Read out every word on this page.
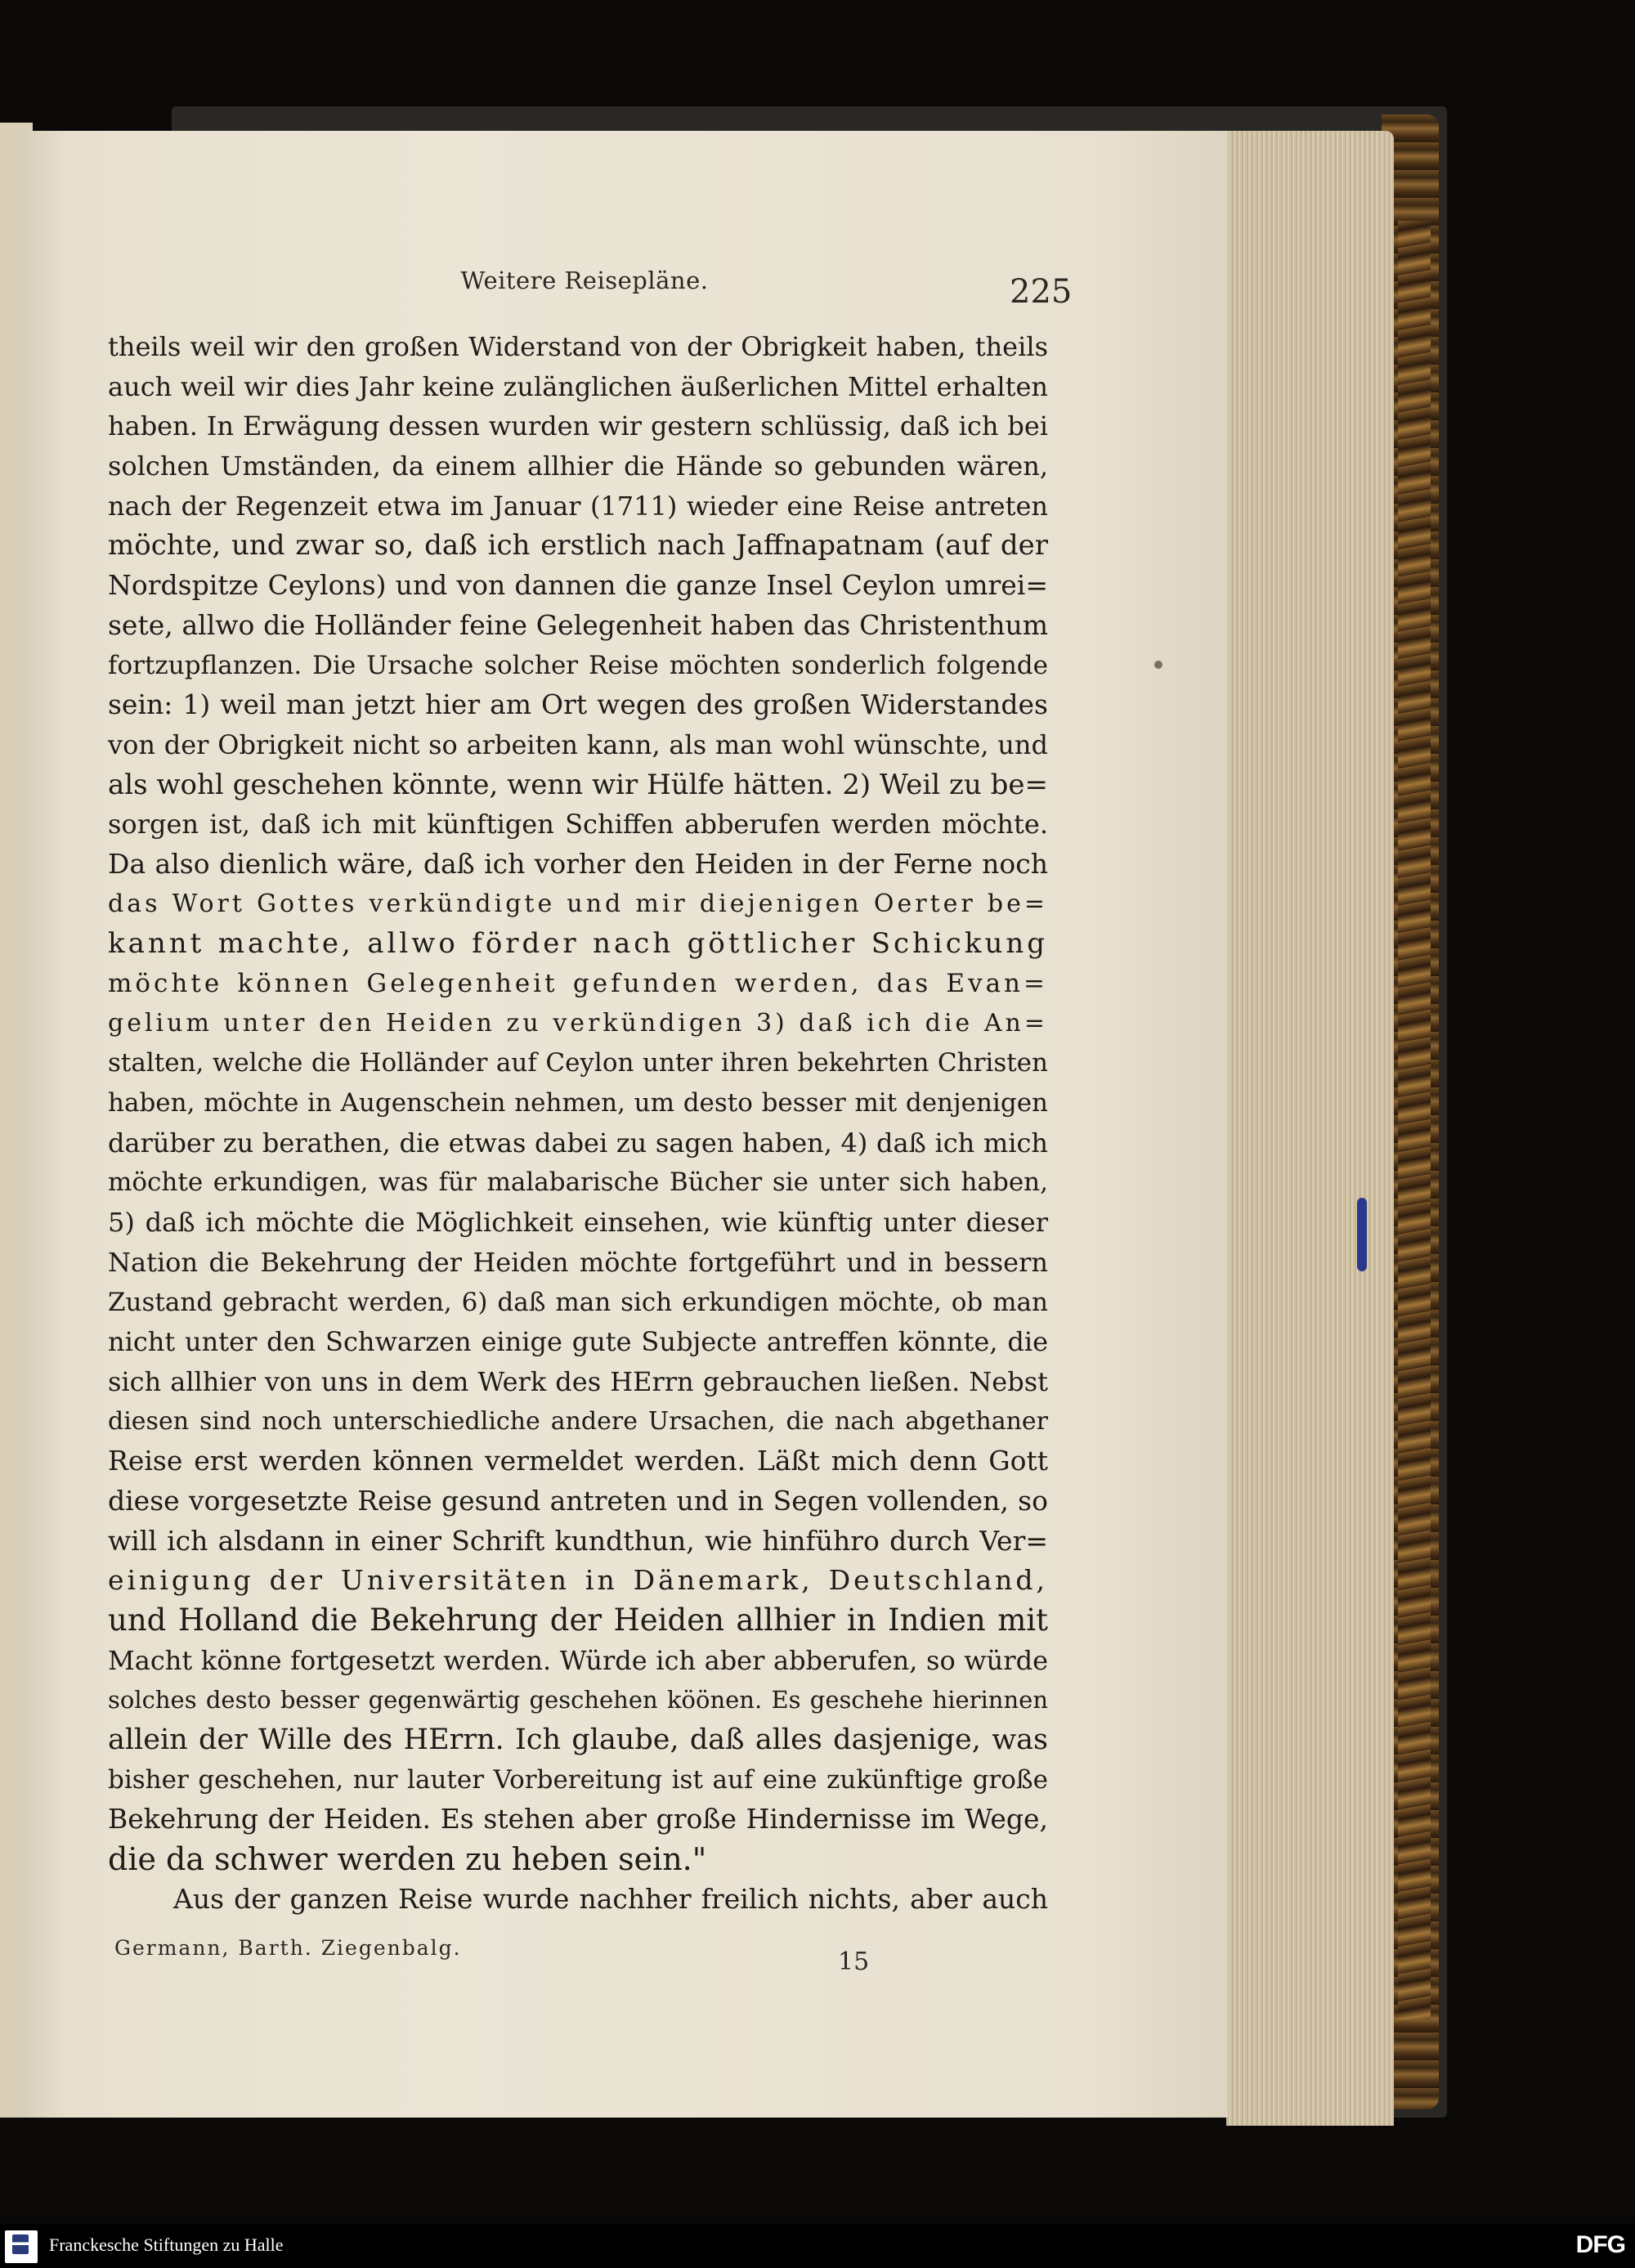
Weitere Reisepläne.	225
theils weil wir den großen Widerstand von der Obrigkeit haben, theils
auch weil wir dies Jahr keine zulänglichen äußerlichen Mittel erhalten
haben. In Erwägung dessen wurden wir gestern schlüssig, daß ich bei
solchen Umständen, da einem allhier die Hände so gebunden wären,
nach der Regenzeit etwa im Januar (1711) wieder eine Reise antreten
möchte, und zwar so, daß ich erstlich nach Jaffnapatnam (auf der
Nordspitze Ceylons) und von dannen die ganze Insel Ceylon umrei=
sete, allwo die Holländer feine Gelegenheit haben das Christenthum
fortzupflanzen. Die Ursache solcher Reise möchten sonderlich folgende
sein: 1) weil man jetzt hier am Ort wegen des großen Widerstandes
von der Obrigkeit nicht so arbeiten kann, als man wohl wünschte, und
als wohl geschehen könnte, wenn wir Hülfe hätten. 2) Weil zu be=
sorgen ist, daß ich mit künftigen Schiffen abberufen werden möchte.
Da also dienlich wäre, daß ich vorher den Heiden in der Ferne noch
das Wort Gottes verkündigte und mir diejenigen Oerter be=
kannt machte, allwo förder nach göttlicher Schickung
möchte können Gelegenheit gefunden werden, das Evan=
gelium unter den Heiden zu verkündigen 3) daß ich die An=
stalten, welche die Holländer auf Ceylon unter ihren bekehrten Christen
haben, möchte in Augenschein nehmen, um desto besser mit denjenigen
darüber zu berathen, die etwas dabei zu sagen haben, 4) daß ich mich
möchte erkundigen, was für malabarische Bücher sie unter sich haben,
5) daß ich möchte die Möglichkeit einsehen, wie künftig unter dieser
Nation die Bekehrung der Heiden möchte fortgeführt und in bessern
Zustand gebracht werden, 6) daß man sich erkundigen möchte, ob man
nicht unter den Schwarzen einige gute Subjecte antreffen könnte, die
sich allhier von uns in dem Werk des HErrn gebrauchen ließen. Nebst
diesen sind noch unterschiedliche andere Ursachen, die nach abgethaner
Reise erst werden können vermeldet werden. Läßt mich denn Gott
diese vorgesetzte Reise gesund antreten und in Segen vollenden, so
will ich alsdann in einer Schrift kundthun, wie hinführo durch Ver=
einigung der Universitäten in Dänemark, Deutschland,
und Holland die Bekehrung der Heiden allhier in Indien mit
Macht könne fortgesetzt werden. Würde ich aber abberufen, so würde
solches desto besser gegenwärtig geschehen köönen. Es geschehe hierinnen
allein der Wille des HErrn. Ich glaube, daß alles dasjenige, was
bisher geschehen, nur lauter Vorbereitung ist auf eine zukünftige große
Bekehrung der Heiden. Es stehen aber große Hindernisse im Wege,
die da schwer werden zu heben sein."
Aus der ganzen Reise wurde nachher freilich nichts, aber auch
Germann, Barth. Ziegenbalg.	15
Franckesche Stiftungen zu Halle	DFG
